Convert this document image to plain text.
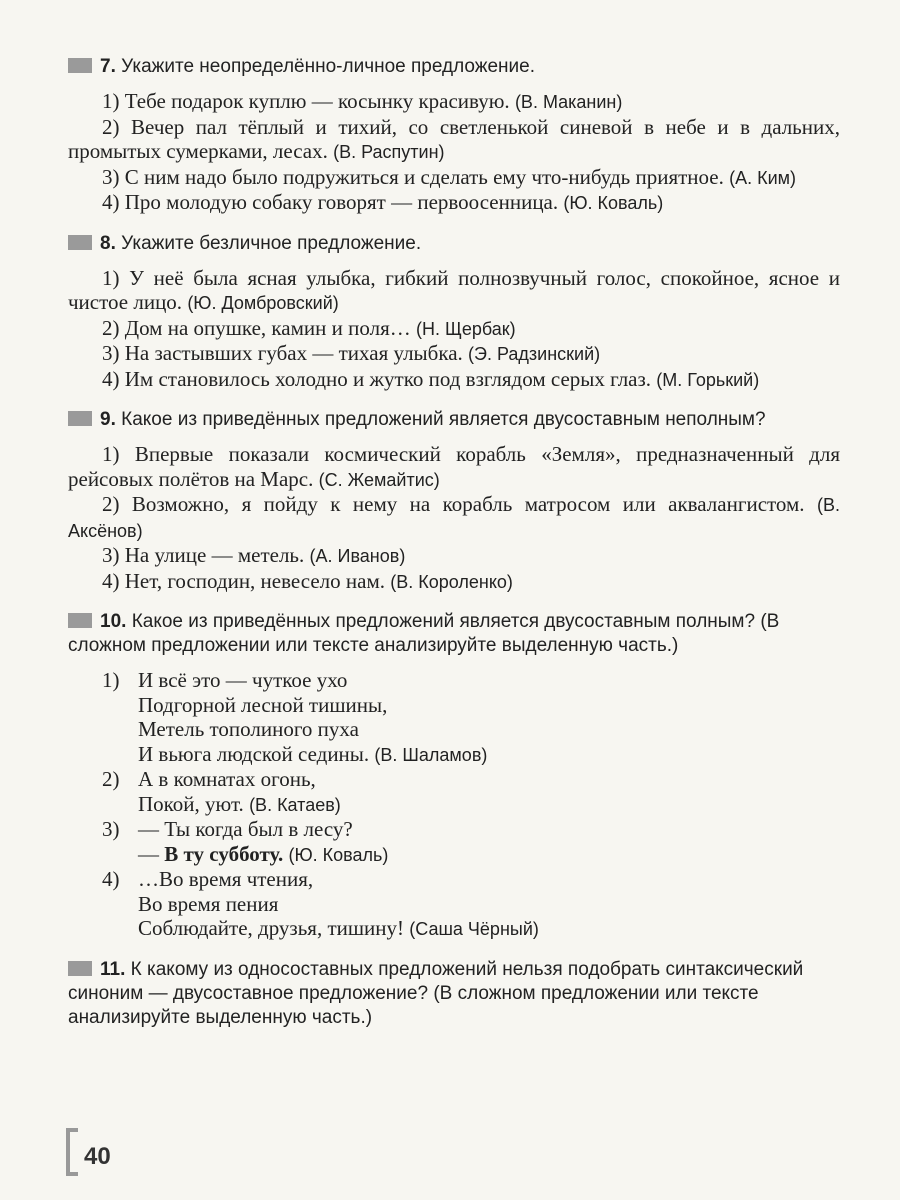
7. Укажите неопределённо-личное предложение.
1) Тебе подарок куплю — косынку красивую. (В. Маканин)
2) Вечер пал тёплый и тихий, со светленькой синевой в небе и в дальних, промытых сумерками, лесах. (В. Распутин)
3) С ним надо было подружиться и сделать ему что-нибудь приятное. (А. Ким)
4) Про молодую собаку говорят — первоосенница. (Ю. Коваль)
8. Укажите безличное предложение.
1) У неё была ясная улыбка, гибкий полнозвучный голос, спокойное, ясное и чистое лицо. (Ю. Домбровский)
2) Дом на опушке, камин и поля… (Н. Щербак)
3) На застывших губах — тихая улыбка. (Э. Радзинский)
4) Им становилось холодно и жутко под взглядом серых глаз. (М. Горький)
9. Какое из приведённых предложений является двусоставным неполным?
1) Впервые показали космический корабль «Земля», предназначенный для рейсовых полётов на Марс. (С. Жемайтис)
2) Возможно, я пойду к нему на корабль матросом или аквалангистом. (В. Аксёнов)
3) На улице — метель. (А. Иванов)
4) Нет, господин, невесело нам. (В. Короленко)
10. Какое из приведённых предложений является двусоставным полным? (В сложном предложении или тексте анализируйте выделенную часть.)
1) И всё это — чуткое ухо
Подгорной лесной тишины,
Метель тополиного пуха
И вьюга людской седины. (В. Шаламов)
2) А в комнатах огонь,
Покой, уют. (В. Катаев)
3) — Ты когда был в лесу?
— В ту субботу. (Ю. Коваль)
4) …Во время чтения,
Во время пения
Соблюдайте, друзья, тишину! (Саша Чёрный)
11. К какому из односоставных предложений нельзя подобрать синтаксический синоним — двусоставное предложение? (В сложном предложении или тексте анализируйте выделенную часть.)
40
